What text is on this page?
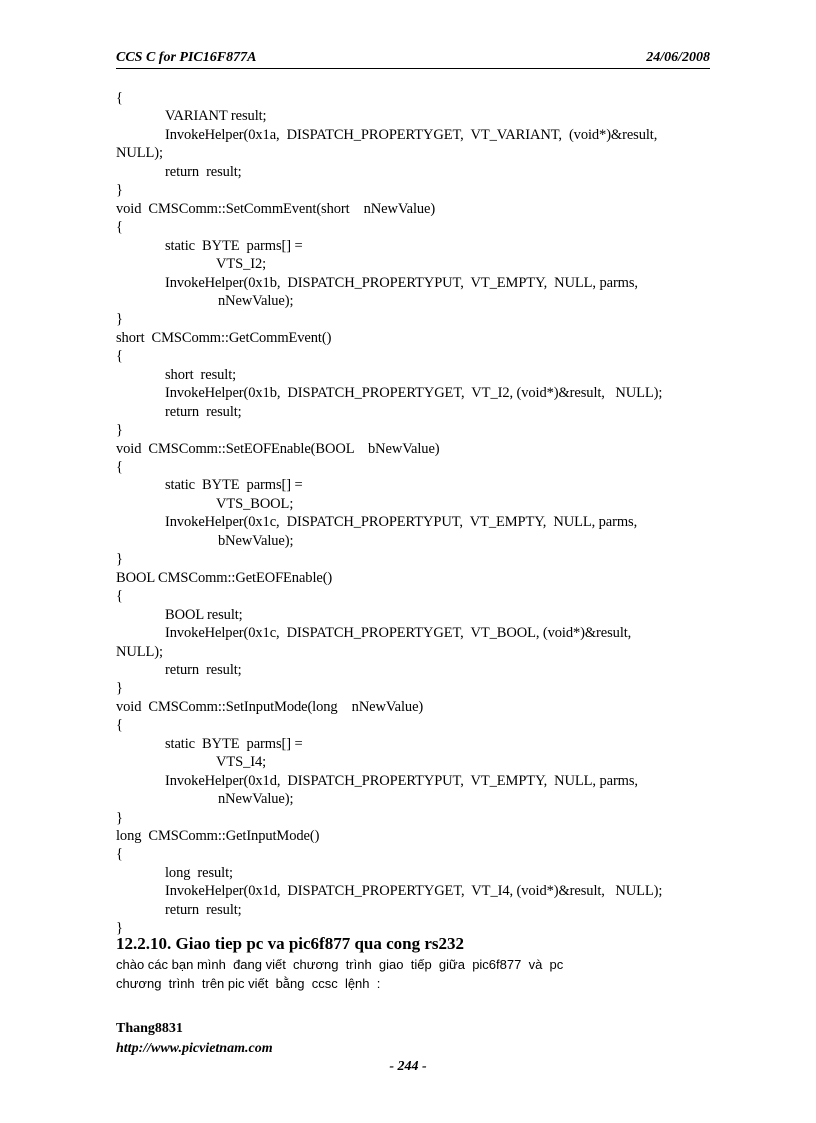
CCS C for PIC16F877A	24/06/2008
{
VARIANT result;
InvokeHelper(0x1a,  DISPATCH_PROPERTYGET,  VT_VARIANT,  (void*)&result,
NULL);
return  result;
}
void  CMSComm::SetCommEvent(short    nNewValue)
{
static  BYTE  parms[] =
VTS_I2;
InvokeHelper(0x1b,  DISPATCH_PROPERTYPUT,  VT_EMPTY,  NULL, parms,
nNewValue);
}
short  CMSComm::GetCommEvent()
{
short  result;
InvokeHelper(0x1b,  DISPATCH_PROPERTYGET,  VT_I2, (void*)&result,   NULL);
return  result;
}
void  CMSComm::SetEOFEnable(BOOL    bNewValue)
{
static  BYTE  parms[] =
VTS_BOOL;
InvokeHelper(0x1c,  DISPATCH_PROPERTYPUT,  VT_EMPTY,  NULL, parms,
bNewValue);
}
BOOL CMSComm::GetEOFEnable()
{
BOOL result;
InvokeHelper(0x1c,  DISPATCH_PROPERTYGET,  VT_BOOL, (void*)&result,
NULL);
return  result;
}
void  CMSComm::SetInputMode(long    nNewValue)
{
static  BYTE  parms[] =
VTS_I4;
InvokeHelper(0x1d,  DISPATCH_PROPERTYPUT,  VT_EMPTY,  NULL, parms,
nNewValue);
}
long  CMSComm::GetInputMode()
{
long  result;
InvokeHelper(0x1d,  DISPATCH_PROPERTYGET,  VT_I4, (void*)&result,   NULL);
return  result;
}
12.2.10. Giao tiep pc va pic6f877 qua cong rs232
chào các bạn mình  đang viết  chương  trình  giao  tiếp  giữa  pic6f877  và  pc
chương  trình  trên pic viết  bằng  ccsc  lệnh  :
Thang8831
http://www.picvietnam.com
- 244 -
